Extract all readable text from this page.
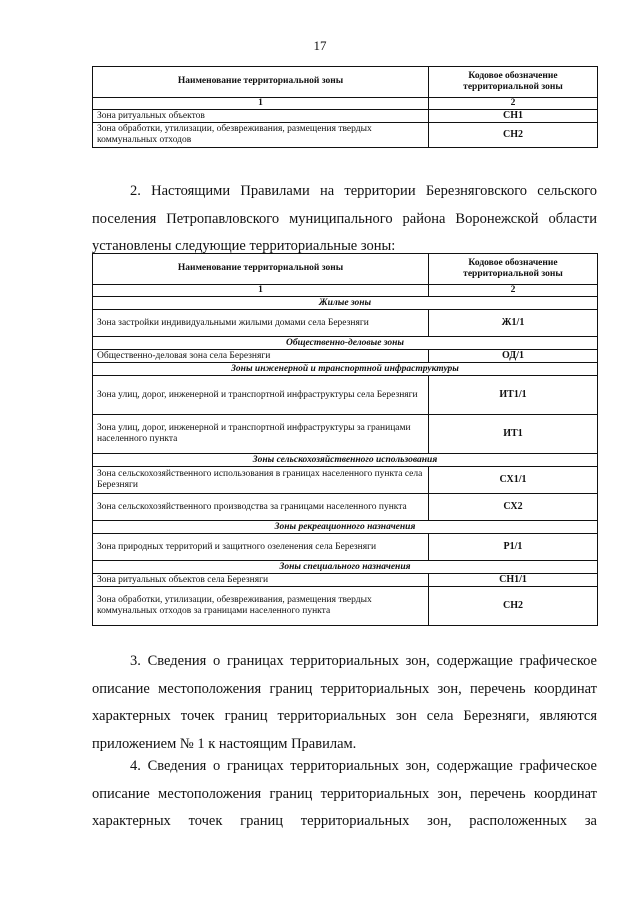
17
Наименование территориальной зоны	Кодовое обозначение территориальной зоны
1	2
Зона ритуальных объектов	СН1
Зона обработки, утилизации, обезвреживания, размещения твердых коммунальных отходов	СН2

2. Настоящими Правилами на территории Березняговского сельского поселения Петропавловского муниципального района Воронежской области установлены следующие территориальные зоны:

Наименование территориальной зоны	Кодовое обозначение территориальной зоны
1	2
Жилые зоны	
Зона застройки индивидуальными жилыми домами села Березняги	Ж1/1
Общественно-деловые зоны	
Общественно-деловая зона села Березняги	ОД/1
Зоны инженерной и транспортной инфраструктуры	
Зона улиц, дорог, инженерной и транспортной инфраструктуры села Березняги	ИТ1/1
Зона улиц, дорог, инженерной и транспортной инфраструктуры за границами населенного пункта	ИТ1
Зоны сельскохозяйственного использования	
Зона сельскохозяйственного использования в границах населенного пункта села Березняги	СХ1/1
Зона сельскохозяйственного производства за границами населенного пункта	СХ2
Зоны рекреационного назначения	
Зона природных территорий и защитного озеленения села Березняги	Р1/1
Зоны специального назначения	
Зона ритуальных объектов села Березняги	СН1/1
Зона обработки, утилизации, обезвреживания, размещения твердых коммунальных отходов за границами населенного пункта	СН2

3. Сведения о границах территориальных зон, содержащие графическое описание местоположения границ территориальных зон, перечень координат характерных точек границ территориальных зон села Березняги, являются приложением № 1 к настоящим Правилам.

4. Сведения о границах территориальных зон, содержащие графическое описание местоположения границ территориальных зон, перечень координат характерных точек границ территориальных зон, расположенных за
